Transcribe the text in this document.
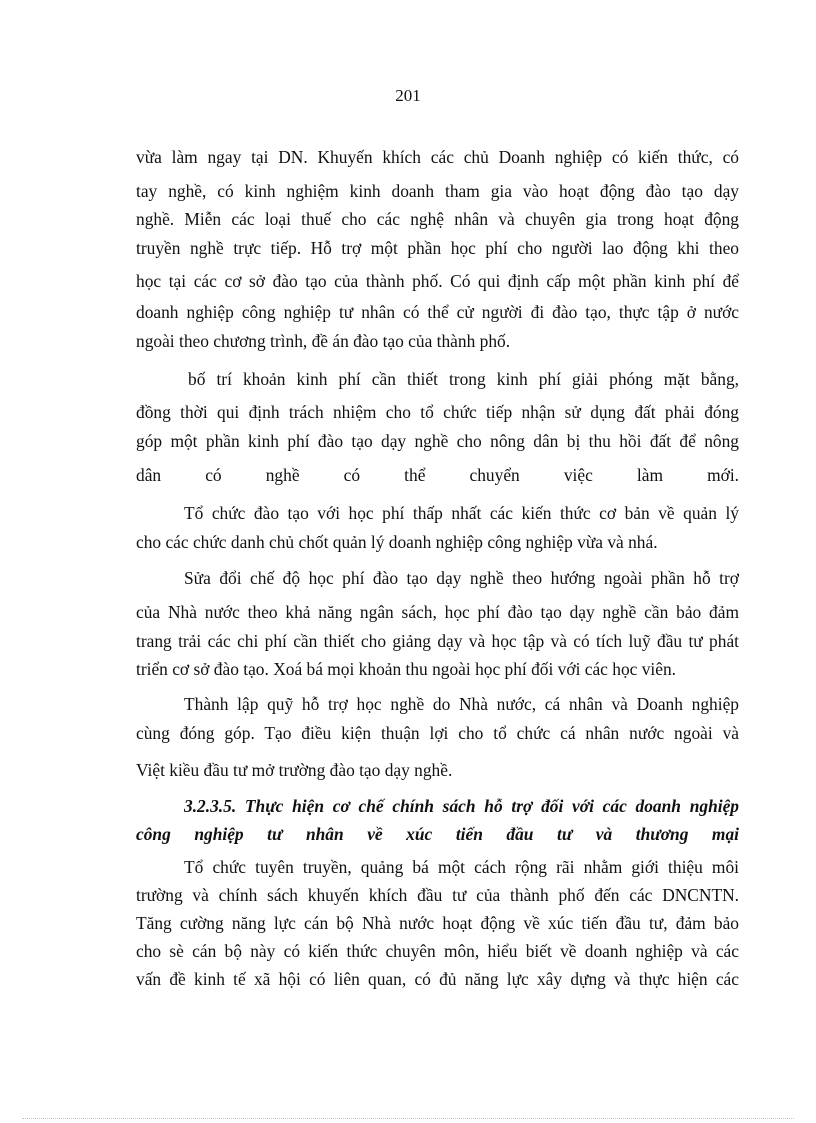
201
vừa làm ngay tại DN. Khuyến khích các chủ Doanh nghiệp có kiến thức, có
tay nghề, có kinh nghiệm kinh doanh tham gia vào hoạt động đào tạo dạy
nghề. Miễn các loại thuế cho các nghệ nhân và chuyên gia trong hoạt động
truyền nghề trực tiếp. Hỗ trợ một phần học phí cho người lao động khi theo
học tại các cơ sở đào tạo của thành phố. Có qui định cấp một phần kinh phí để
doanh nghiệp công nghiệp tư nhân có thể cử người đi đào tạo, thực tập ở nước
ngoài theo chương trình, đề án đào tạo của thành phố.
bố trí khoản kinh phí cần thiết trong kinh phí giải phóng mặt bằng,
đồng thời qui định trách nhiệm cho tổ chức tiếp nhận sử dụng đất phải đóng
góp một phần kinh phí đào tạo dạy nghề cho nông dân bị thu hồi đất để nông
dân có nghề có thể chuyển việc làm mới.
Tổ chức đào tạo với học phí thấp nhất các kiến thức cơ bản về quản lý
cho các chức danh chủ chốt quản lý doanh nghiệp công nghiệp vừa và nhá.
Sửa đổi chế độ học phí đào tạo dạy nghề theo hướng ngoài phần hỗ trợ
của Nhà nước theo khả năng ngân sách, học phí đào tạo dạy nghề cần bảo đảm
trang trải các chi phí cần thiết cho giảng dạy và học tập và có tích luỹ đầu tư phát
triển cơ sở đào tạo. Xoá bá mọi khoản thu ngoài học phí đối với các học viên.
Thành lập quỹ hỗ trợ học nghề do Nhà nước, cá nhân và Doanh nghiệp
cùng đóng góp. Tạo điều kiện thuận lợi cho tổ chức cá nhân nước ngoài và
Việt kiều đầu tư mở trường đào tạo dạy nghề.
3.2.3.5. Thực hiện cơ chế chính sách hỗ trợ đối với các doanh nghiệp
công nghiệp tư nhân về xúc tiến đầu tư và thương mại
Tổ chức tuyên truyền, quảng bá một cách rộng rãi nhằm giới thiệu môi
trường và chính sách khuyến khích đầu tư của thành phố đến các DNCNTN.
Tăng cường năng lực cán bộ Nhà nước hoạt động về xúc tiến đầu tư, đảm bảo
cho sè cán bộ này có kiến thức chuyên môn, hiểu biết về doanh nghiệp và các
vấn đề kinh tế xã hội có liên quan, có đủ năng lực xây dựng và thực hiện các
